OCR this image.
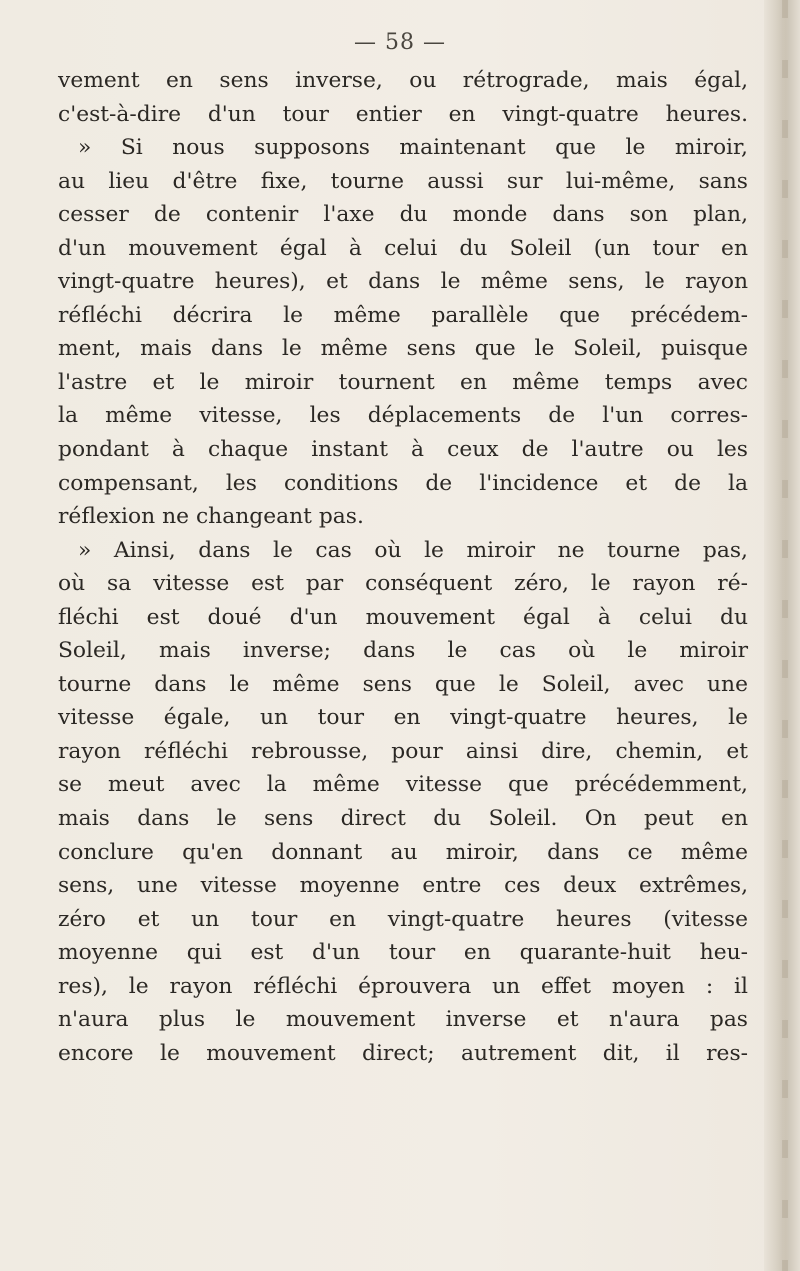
— 58 —
vement en sens inverse, ou rétrograde, mais égal,
c'est-à-dire d'un tour entier en vingt-quatre heures.
» Si nous supposons maintenant que le miroir,
au lieu d'être fixe, tourne aussi sur lui-même, sans
cesser de contenir l'axe du monde dans son plan,
d'un mouvement égal à celui du Soleil (un tour en
vingt-quatre heures), et dans le même sens, le rayon
réfléchi décrira le même parallèle que précédem-
ment, mais dans le même sens que le Soleil, puisque
l'astre et le miroir tournent en même temps avec
la même vitesse, les déplacements de l'un corres-
pondant à chaque instant à ceux de l'autre ou les
compensant, les conditions de l'incidence et de la
réflexion ne changeant pas.
» Ainsi, dans le cas où le miroir ne tourne pas,
où sa vitesse est par conséquent zéro, le rayon ré-
fléchi est doué d'un mouvement égal à celui du
Soleil, mais inverse; dans le cas où le miroir
tourne dans le même sens que le Soleil, avec une
vitesse égale, un tour en vingt-quatre heures, le
rayon réfléchi rebrousse, pour ainsi dire, chemin, et
se meut avec la même vitesse que précédemment,
mais dans le sens direct du Soleil. On peut en
conclure qu'en donnant au miroir, dans ce même
sens, une vitesse moyenne entre ces deux extrêmes,
zéro et un tour en vingt-quatre heures (vitesse
moyenne qui est d'un tour en quarante-huit heu-
res), le rayon réfléchi éprouvera un effet moyen : il
n'aura plus le mouvement inverse et n'aura pas
encore le mouvement direct; autrement dit, il res-
